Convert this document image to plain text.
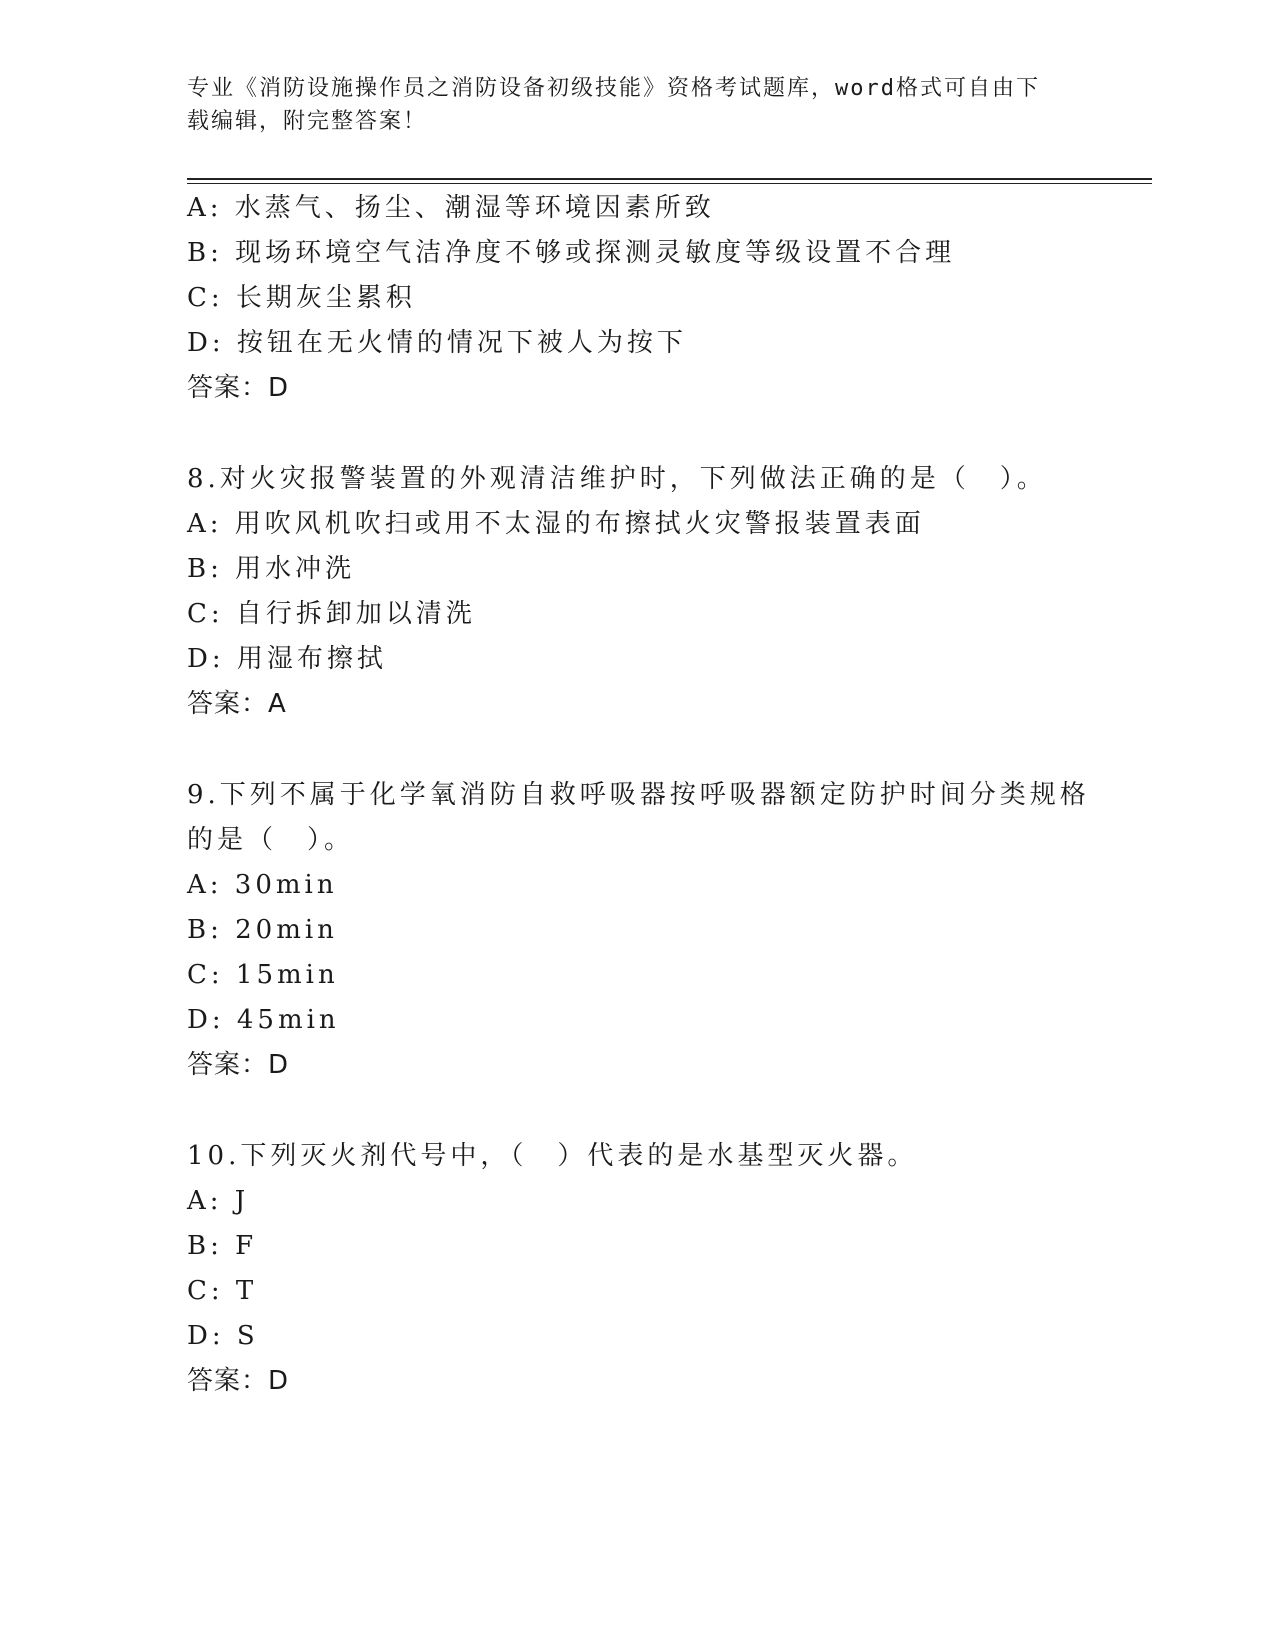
专业《消防设施操作员之消防设备初级技能》资格考试题库，word格式可自由下
载编辑，附完整答案！
A: 水蒸气、扬尘、潮湿等环境因素所致
B: 现场环境空气洁净度不够或探测灵敏度等级设置不合理
C: 长期灰尘累积
D: 按钮在无火情的情况下被人为按下
答案：D
8.对火灾报警装置的外观清洁维护时，下列做法正确的是（　）。
A: 用吹风机吹扫或用不太湿的布擦拭火灾警报装置表面
B: 用水冲洗
C: 自行拆卸加以清洗
D: 用湿布擦拭
答案：A
9.下列不属于化学氧消防自救呼吸器按呼吸器额定防护时间分类规格
的是（　）。
A: 30min
B: 20min
C: 15min
D: 45min
答案：D
10.下列灭火剂代号中，（　）代表的是水基型灭火器。
A: J
B: F
C: T
D: S
答案：D
